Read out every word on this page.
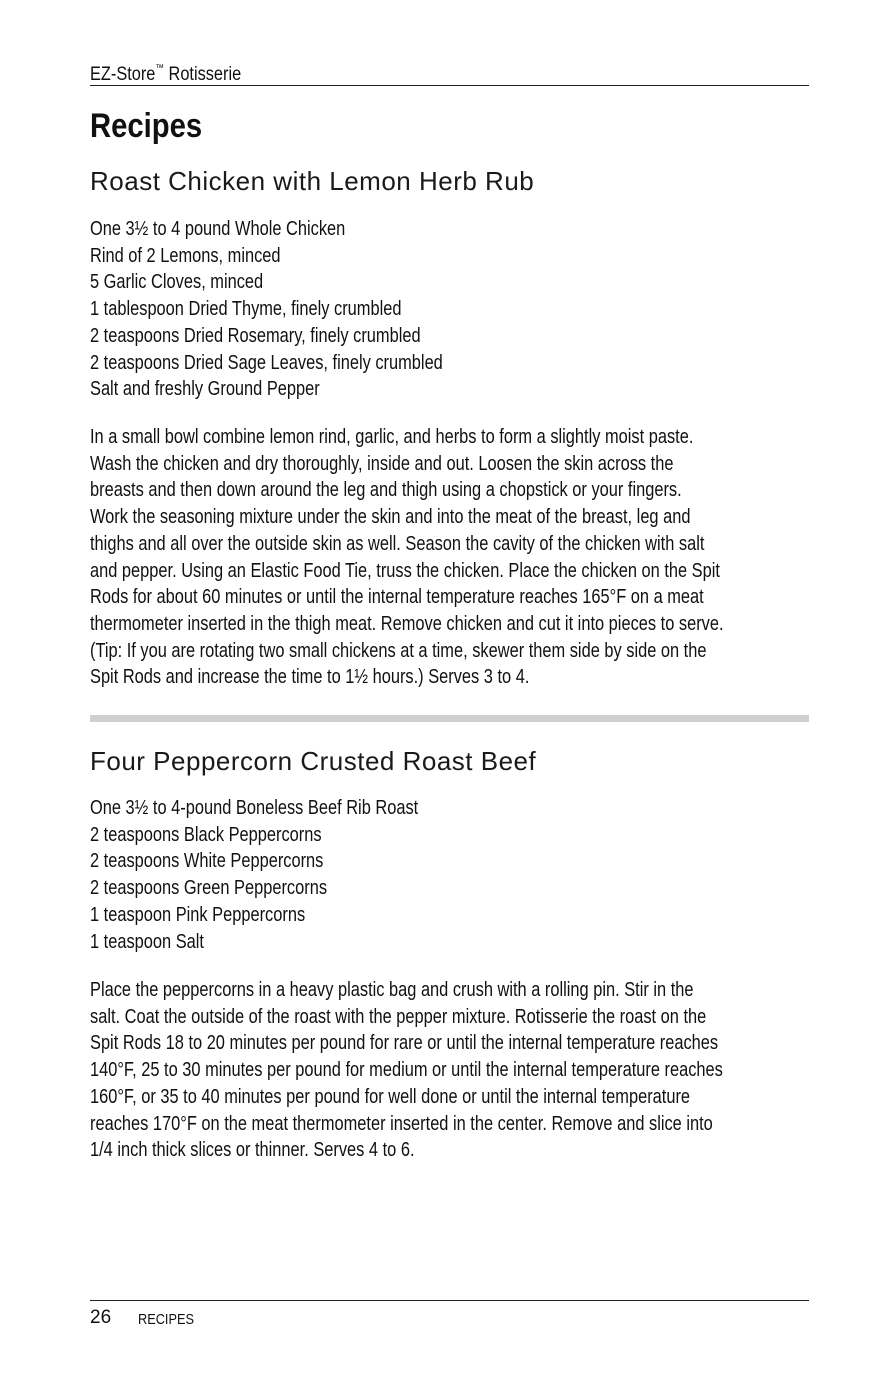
EZ-Store™ Rotisserie
Recipes
Roast Chicken with Lemon Herb Rub
One 3½ to 4 pound Whole Chicken
Rind of 2 Lemons, minced
5 Garlic Cloves, minced
1 tablespoon Dried Thyme, finely crumbled
2 teaspoons Dried Rosemary, finely crumbled
2 teaspoons Dried Sage Leaves, finely crumbled
Salt and freshly Ground Pepper

In a small bowl combine lemon rind, garlic, and herbs to form a slightly moist paste.
Wash the chicken and dry thoroughly, inside and out. Loosen the skin across the
breasts and then down around the leg and thigh using a chopstick or your fingers.
Work the seasoning mixture under the skin and into the meat of the breast, leg and
thighs and all over the outside skin as well. Season the cavity of the chicken with salt
and pepper. Using an Elastic Food Tie, truss the chicken. Place the chicken on the Spit
Rods for about 60 minutes or until the internal temperature reaches 165°F on a meat
thermometer inserted in the thigh meat. Remove chicken and cut it into pieces to serve.
(Tip: If you are rotating two small chickens at a time, skewer them side by side on the
Spit Rods and increase the time to 1½ hours.) Serves 3 to 4.

Four Peppercorn Crusted Roast Beef
One 3½ to 4-pound Boneless Beef Rib Roast
2 teaspoons Black Peppercorns
2 teaspoons White Peppercorns
2 teaspoons Green Peppercorns
1 teaspoon Pink Peppercorns
1 teaspoon Salt

Place the peppercorns in a heavy plastic bag and crush with a rolling pin. Stir in the
salt. Coat the outside of the roast with the pepper mixture. Rotisserie the roast on the
Spit Rods 18 to 20 minutes per pound for rare or until the internal temperature reaches
140°F, 25 to 30 minutes per pound for medium or until the internal temperature reaches
160°F, or 35 to 40 minutes per pound for well done or until the internal temperature
reaches 170°F on the meat thermometer inserted in the center. Remove and slice into
1/4 inch thick slices or thinner. Serves 4 to 6.

26 RECIPES
